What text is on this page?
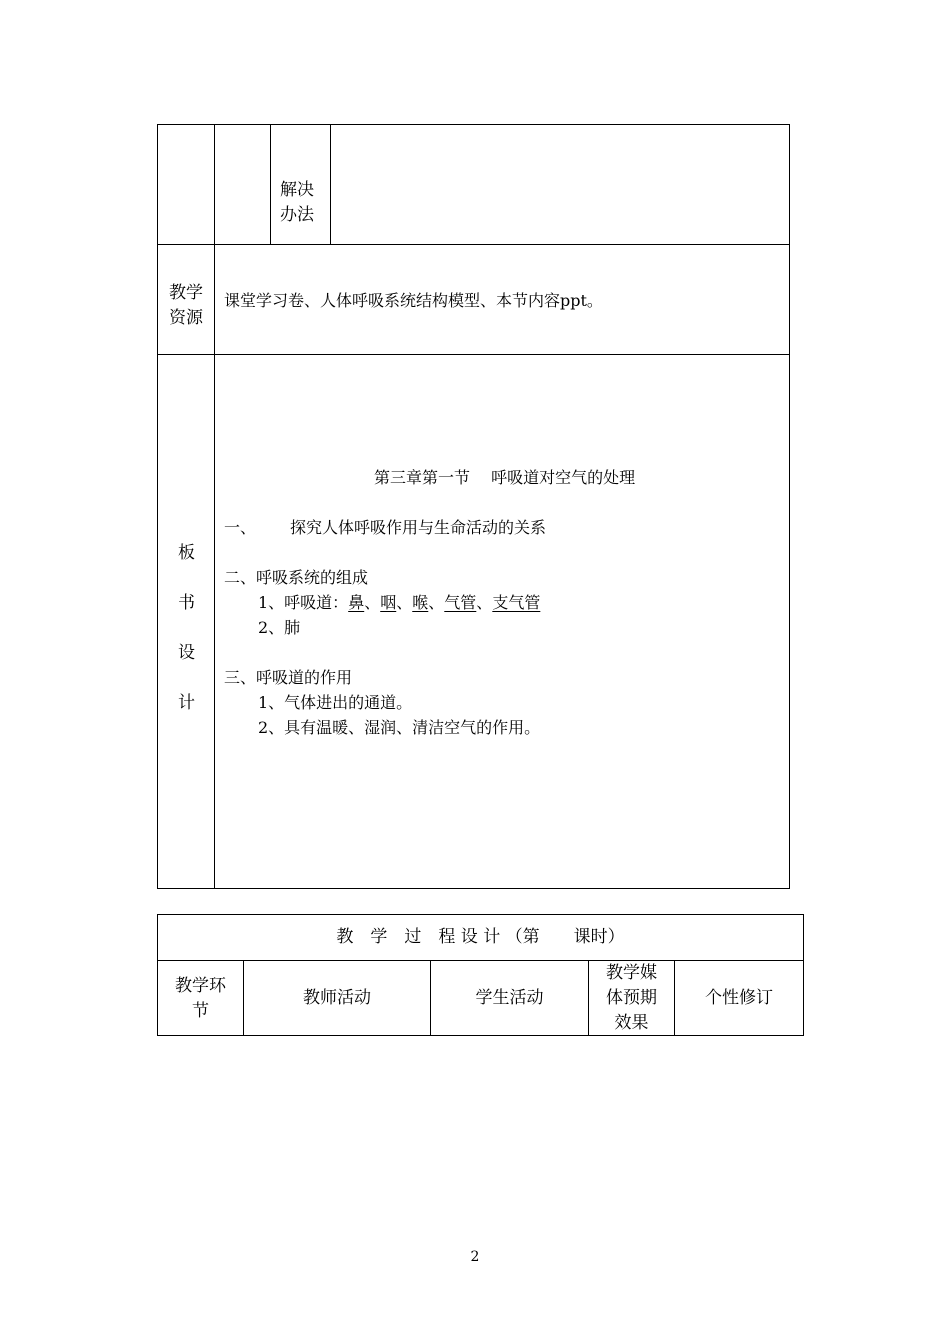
解决
办法
教学
资源
课堂学习卷、人体呼吸系统结构模型、本节内容ppt。
板
书
设
计
第三章第一节　 呼吸道对空气的处理
一、 探究人体呼吸作用与生命活动的关系
二、呼吸系统的组成
1、呼吸道：鼻、咽、喉、气管、支气管
2、肺
三、呼吸道的作用
1、气体进出的通道。
2、具有温暖、湿润、清洁空气的作用。
教　学　过　程 设 计 （第　　课时）
教学环
节
教师活动	学生活动
教学媒
体预期
效果
个性修订
2
